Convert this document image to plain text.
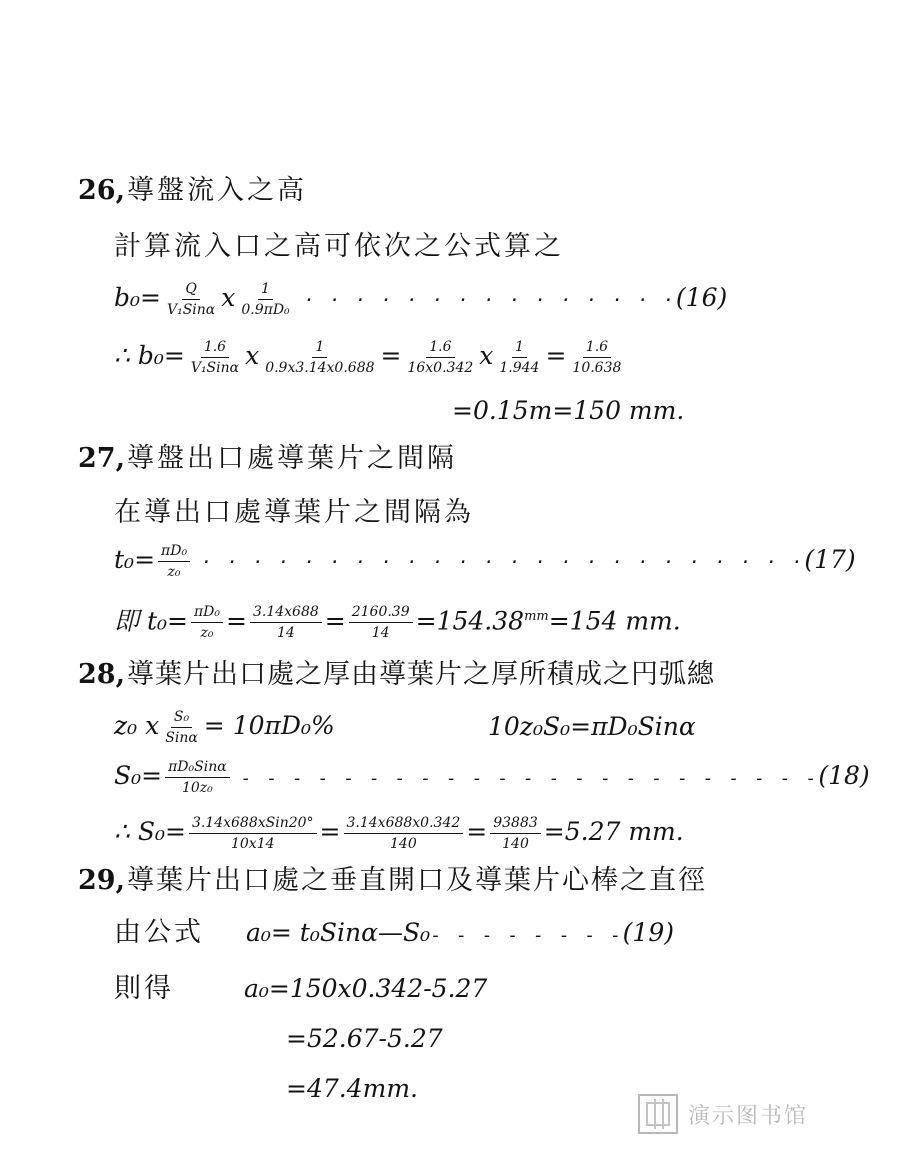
26,導盤流入之高
計算流入口之高可依次之公式算之
$b_0= \frac{Q}{\text{V₁Sinα}}$ x $\frac{1}{\text{0.9πD₀}}$ · · · · · · · · · · · · · · ·(16)
∴ $b_0= \frac{1.6}{\text{V₁Sinα}}$ x $\frac{1}{0.9x3.14x0.688} = \frac{1.6}{16x0.342}$ x $\frac{1}{1.944} = \frac{1.6}{10.638}$
=0.15m=150 mm.
27,導盤出口處導葉片之間隔
在導出口處導葉片之間隔為
$t_0= \frac{\text{πD₀}}{\text{z₀}}$ · · · · · · · · · · · · · · · · · · · · · · · ·(17)
即 $t_0= \frac{\text{πD₀}}{\text{z₀}} = \frac{3.14x688}{14} = \frac{2160.39}{14} =154.38^{mm}=154$ mm.
28,導葉片出口處之厚由導葉片之厚所積成之円弧總
z₀ x $\frac{\text{S₀}}{\text{Sinα}} = 10\pi D_0\%$	10z₀S₀=πD₀Sinα
$S_0= \frac{\text{πD₀Sinα}}{\text{10z₀}}$ - - - - - - - - - - - - - - - - - - - - - - -(18)
∴ $S_0= \frac{\text{3.14x688xSin20°}}{10x14} = \frac{3.14x688x0.342}{140} = \frac{93883}{140} =5.27$ mm.
29,導葉片出口處之垂直開口及導葉片心棒之直徑
由公式 a₀= t₀Sinα—S₀- - - - - - - -(19)
則得	a₀=150x0.342-5.27
=52.67-5.27
=47.4mm.
演示图书馆
